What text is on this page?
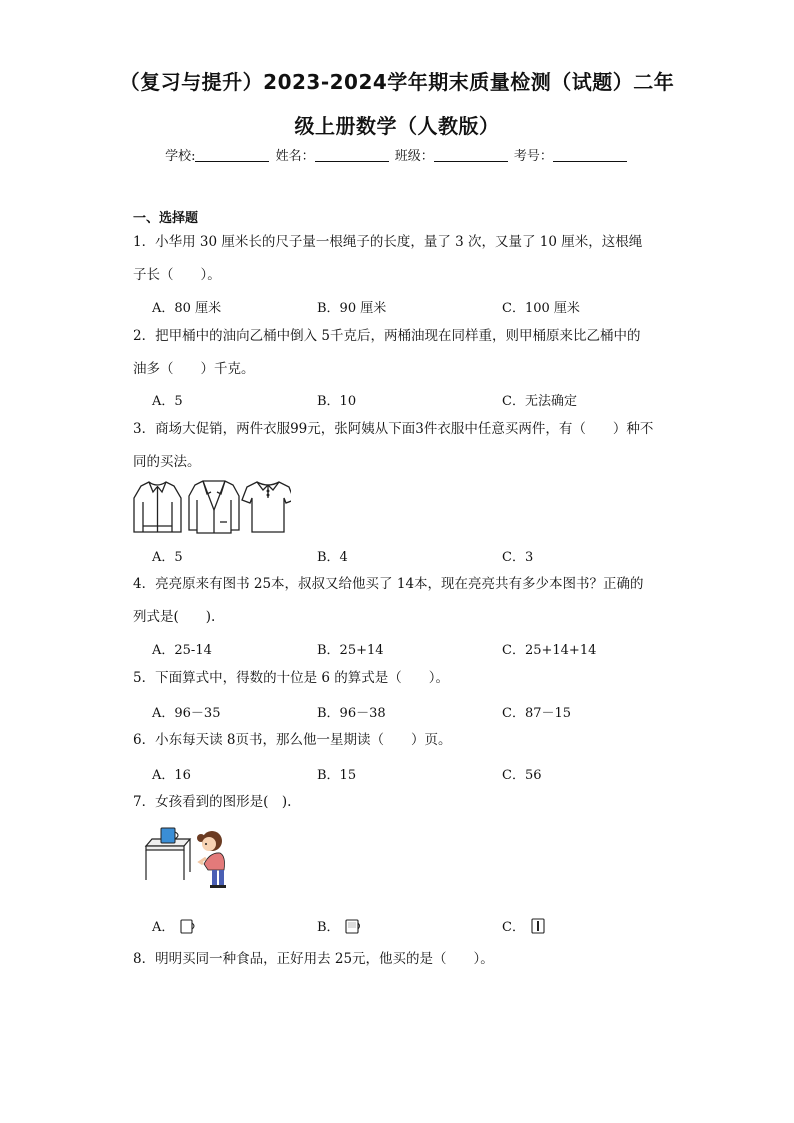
（复习与提升）2023-2024学年期末质量检测（试题）二年
级上册数学（人教版）
学校:	姓名：	班级：	考号：
一、选择题
1．小华用 30 厘米长的尺子量一根绳子的长度，量了 3 次，又量了 10 厘米，这根绳
子长（　　）。
A．80 厘米	B．90 厘米	C．100 厘米
2．把甲桶中的油向乙桶中倒入 5千克后，两桶油现在同样重，则甲桶原来比乙桶中的
油多（　　）千克。
A．5	B．10	C．无法确定
3．商场大促销，两件衣服99元，张阿姨从下面3件衣服中任意买两件，有（　　）种不
同的买法。
A．5	B．4	C．3
4．亮亮原来有图书 25本，叔叔又给他买了 14本，现在亮亮共有多少本图书？正确的
列式是(　　).
A．25-14	B．25+14	C．25+14+14
5．下面算式中，得数的十位是 6 的算式是（　　）。
A．96－35	B．96－38	C．87－15
6．小东每天读 8页书，那么他一星期读（　　）页。
A．16	B．15	C．56
7．女孩看到的图形是(　).
A．	B．	C．
8．明明买同一种食品，正好用去 25元，他买的是（　　）。
